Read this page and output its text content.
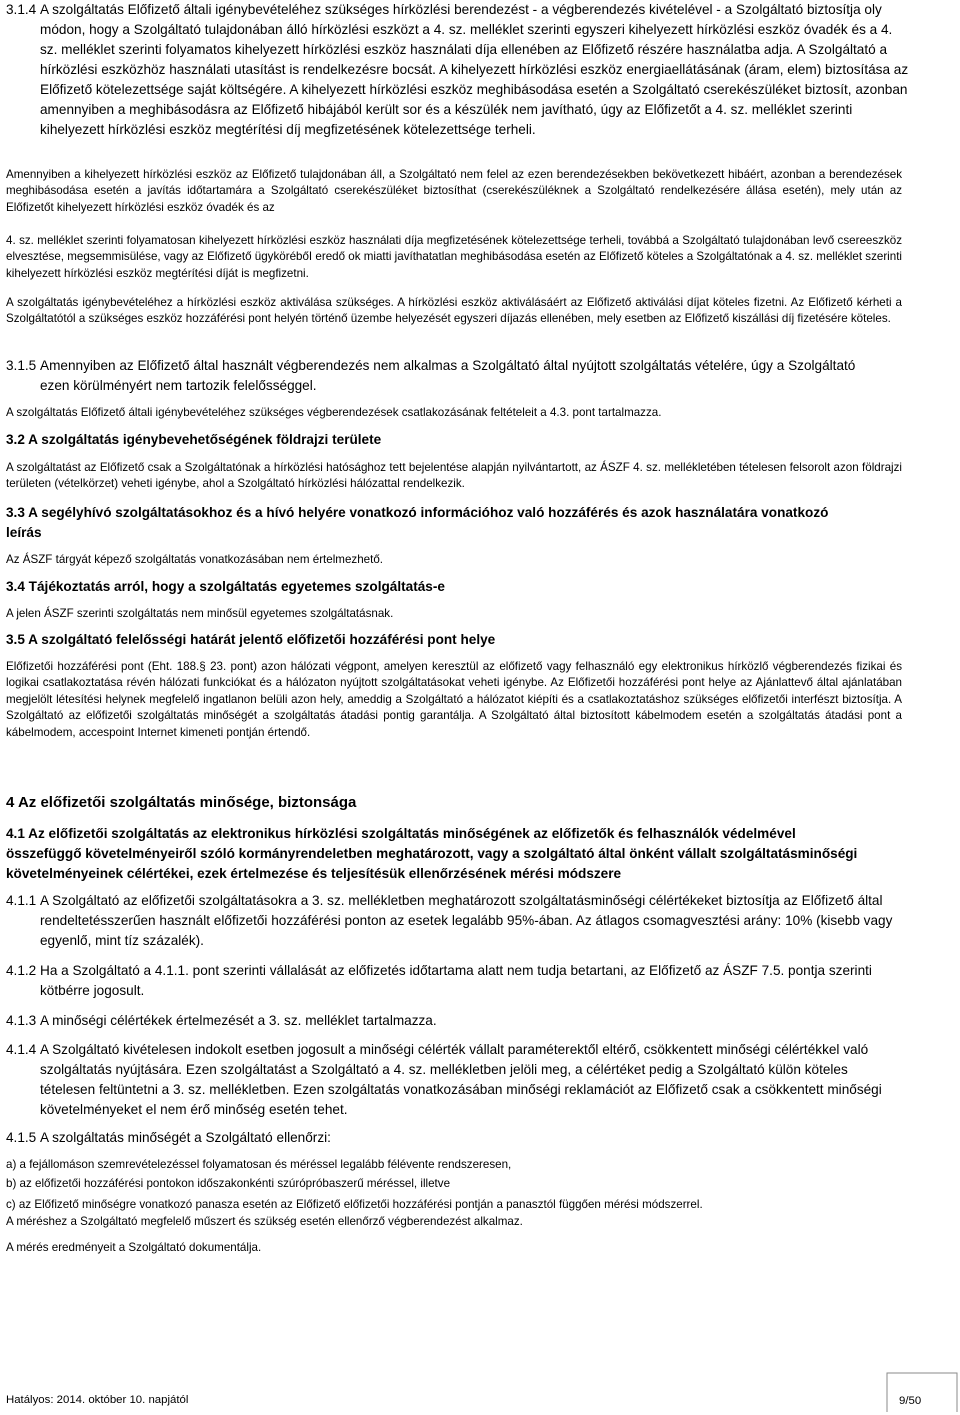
3.1.4 A szolgáltatás Előfizető általi igénybevételéhez szükséges hírközlési berendezést - a végberendezés kivételével - a Szolgáltató biztosítja oly módon, hogy a Szolgáltató tulajdonában álló hírközlési eszközt a 4. sz. melléklet szerinti egyszeri kihelyezett hírközlési eszköz óvadék és a 4. sz. melléklet szerinti folyamatos kihelyezett hírközlési eszköz használati díja ellenében az Előfizető részére használatba adja. A Szolgáltató a hírközlési eszközhöz használati utasítást is rendelkezésre bocsát. A kihelyezett hírközlési eszköz energiaellátásának (áram, elem) biztosítása az Előfizető kötelezettsége saját költségére. A kihelyezett hírközlési eszköz meghibásodása esetén a Szolgáltató cserekészüléket biztosít, azonban amennyiben a meghibásodásra az Előfizető hibájából került sor és a készülék nem javítható, úgy az Előfizetőt a 4. sz. melléklet szerinti kihelyezett hírközlési eszköz megtérítési díj megfizetésének kötelezettsége terheli.

Amennyiben a kihelyezett hírközlési eszköz az Előfizető tulajdonában áll, a Szolgáltató nem felel az ezen berendezésekben bekövetkezett hibáért, azonban a berendezések meghibásodása esetén a javítás időtartamára a Szolgáltató cserekészüléket biztosíthat (cserekészüléknek a Szolgáltató rendelkezésére állása esetén), mely után az Előfizetőt kihelyezett hírközlési eszköz óvadék és az

4. sz. melléklet szerinti folyamatosan kihelyezett hírközlési eszköz használati díja megfizetésének kötelezettsége terheli, továbbá a Szolgáltató tulajdonában levő csereeszköz elvesztése, megsemmisülése, vagy az Előfizető ügykörébőI eredő ok miatti javíthatatlan meghibásodása esetén az Előfizető köteles a Szolgáltatónak a 4. sz. melléklet szerinti kihelyezett hírközlési eszköz megtérítési díját is megfizetni.

A szolgáltatás igénybevételéhez a hírközlési eszköz aktiválása szükséges. A hírközlési eszköz aktiválásáért az Előfizető aktiválási díjat köteles fizetni. Az Előfizető kérheti a Szolgáltatótól a szükséges eszköz hozzáférési pont helyén történő üzembe helyezését egyszeri díjazás ellenében, mely esetben az Előfizető kiszállási díj fizetésére köteles.

3.1.5 Amennyiben az Előfizető által használt végberendezés nem alkalmas a Szolgáltató által nyújtott szolgáltatás vételére, úgy a Szolgáltató ezen körülményért nem tartozik felelősséggel.

A szolgáltatás Előfizető általi igénybevételéhez szükséges végberendezések csatlakozásának feltételeit a 4.3. pont tartalmazza.

3.2 A szolgáltatás igénybevehetőségének földrajzi területe

A szolgáltatást az Előfizető csak a Szolgáltatónak a hírközlési hatósághoz tett bejelentése alapján nyilvántartott, az ÁSZF 4. sz. mellékletében tételesen felsorolt azon földrajzi területen (vételkörzet) veheti igénybe, ahol a Szolgáltató hírközlési hálózattal rendelkezik.

3.3 A segélyhívó szolgáltatásokhoz és a hívó helyére vonatkozó információhoz való hozzáférés és azok használatára vonatkozó leírás

Az ÁSZF tárgyát képező szolgáltatás vonatkozásában nem értelmezhető.

3.4 Tájékoztatás arról, hogy a szolgáltatás egyetemes szolgáltatás-e

A jelen ÁSZF szerinti szolgáltatás nem minősül egyetemes szolgáltatásnak.

3.5 A szolgáltató felelősségi határát jelentő előfizetői hozzáférési pont helye

Előfizetői hozzáférési pont (Eht. 188.§ 23. pont) azon hálózati végpont, amelyen keresztül az előfizető vagy felhasználó egy elektronikus hírközlő végberendezés fizikai és logikai csatlakoztatása révén hálózati funkciókat és a hálózaton nyújtott szolgáltatásokat veheti igénybe. Az Előfizetői hozzáférési pont helye az Ajánlattevő által ajánlatában megjelölt létesítési helynek megfelelő ingatlanon belüli azon hely, ameddig a Szolgáltató a hálózatot kiépíti és a csatlakoztatáshoz szükséges előfizetői interfészt biztosítja. A Szolgáltató az előfizetői szolgáltatás minőségét a szolgáltatás átadási pontig garantálja. A Szolgáltató által biztosított kábelmodem esetén a szolgáltatás átadási pont a kábelmodem, accespoint Internet kimeneti pontján értendő.

4 Az előfizetői szolgáltatás minősége, biztonsága
4.1 Az előfizetői szolgáltatás az elektronikus hírközlési szolgáltatás minőségének az előfizetők és felhasználók védelmével összefüggő követelményeiről szóló kormányrendeletben meghatározott, vagy a szolgáltató által önként vállalt szolgáltatásminőségi követelményeinek célértékei, ezek értelmezése és teljesítésük ellenőrzésének mérési módszere
4.1.1 A Szolgáltató az előfizetői szolgáltatásokra a 3. sz. mellékletben meghatározott szolgáltatásminőségi célértékeket biztosítja az Előfizető által rendeltetésszerűen használt előfizetői hozzáférési ponton az esetek legalább 95%-ában. Az átlagos csomagvesztési arány: 10% (kisebb vagy egyenlő, mint tíz százalék).
4.1.2 Ha a Szolgáltató a 4.1.1. pont szerinti vállalását az előfizetés időtartama alatt nem tudja betartani, az Előfizető az ÁSZF 7.5. pontja szerinti kötbérre jogosult.
4.1.3 A minőségi célértékek értelmezését a 3. sz. melléklet tartalmazza.
4.1.4 A Szolgáltató kivételesen indokolt esetben jogosult a minőségi célérték vállalt paraméterektől eltérő, csökkentett minőségi célértékkel való szolgáltatás nyújtására. Ezen szolgáltatást a Szolgáltató a 4. sz. mellékletben jelöli meg, a célértéket pedig a Szolgáltató külön köteles tételesen feltüntetni a 3. sz. mellékletben. Ezen szolgáltatás vonatkozásában minőségi reklamációt az Előfizető csak a csökkentett minőségi követelményeket el nem érő minőség esetén tehet.
4.1.5 A szolgáltatás minőségét a Szolgáltató ellenőrzi:
a) a fejállomáson szemrevételezéssel folyamatosan és méréssel legalább félévente rendszeresen,
b) az előfizetői hozzáférési pontokon időszakonkénti szúrópróbaszerű méréssel, illetve
c) az Előfizető minőségre vonatkozó panasza esetén az Előfizető előfizetői hozzáférési pontján a panasztól függően mérési módszerrel.

A méréshez a Szolgáltató megfelelő műszert és szükség esetén ellenőrző végberendezést alkalmaz.

A mérés eredményeit a Szolgáltató dokumentálja.

Hatályos: 2014. október 10. napjától	9/50
